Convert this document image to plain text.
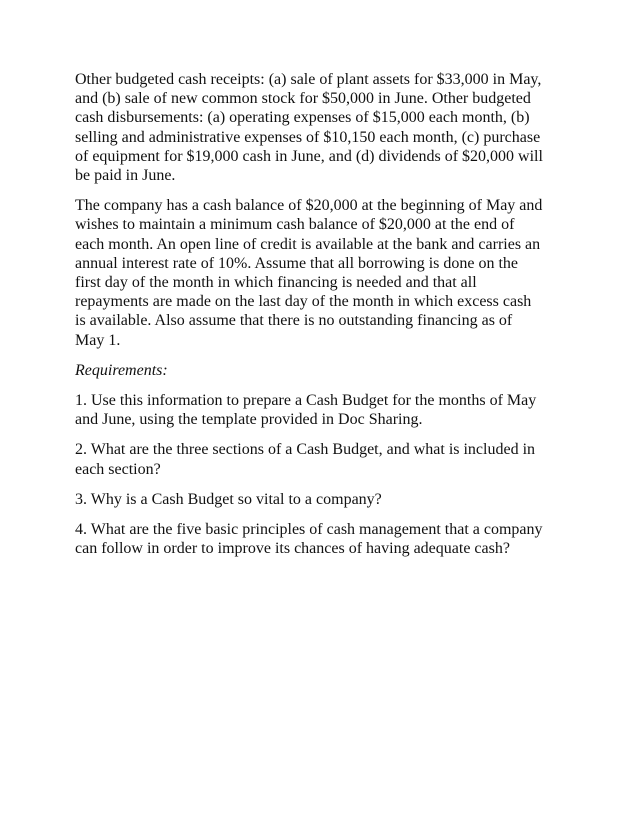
Other budgeted cash receipts: (a) sale of plant assets for $33,000 in May,
and (b) sale of new common stock for $50,000 in June. Other budgeted
cash disbursements: (a) operating expenses of $15,000 each month, (b)
selling and administrative expenses of $10,150 each month, (c) purchase
of equipment for $19,000 cash in June, and (d) dividends of $20,000 will
be paid in June.

The company has a cash balance of $20,000 at the beginning of May and
wishes to maintain a minimum cash balance of $20,000 at the end of
each month. An open line of credit is available at the bank and carries an
annual interest rate of 10%. Assume that all borrowing is done on the
first day of the month in which financing is needed and that all
repayments are made on the last day of the month in which excess cash
is available. Also assume that there is no outstanding financing as of
May 1.

Requirements:

1. Use this information to prepare a Cash Budget for the months of May
and June, using the template provided in Doc Sharing.

2. What are the three sections of a Cash Budget, and what is included in
each section?

3. Why is a Cash Budget so vital to a company?

4. What are the five basic principles of cash management that a company
can follow in order to improve its chances of having adequate cash?
